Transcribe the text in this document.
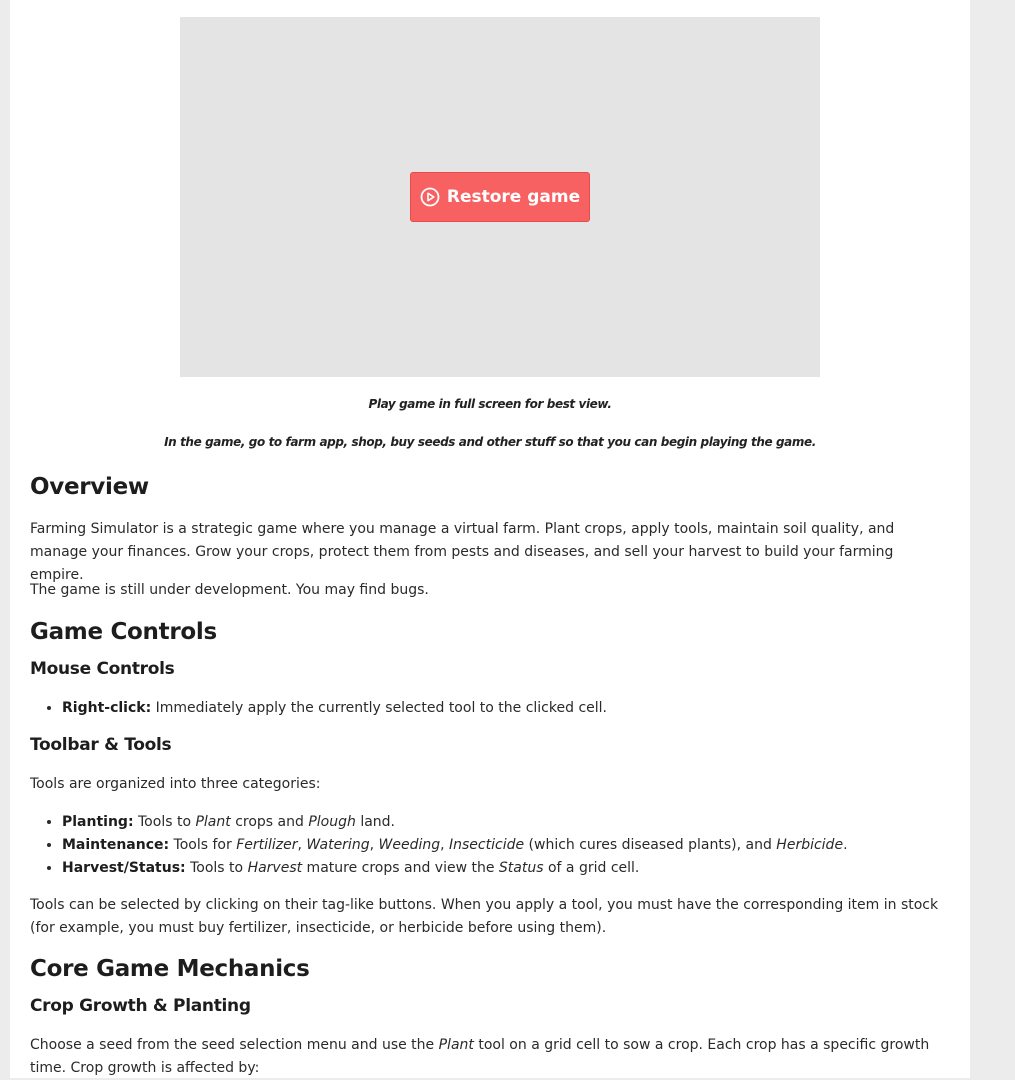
Restore game
Play game in full screen for best view.
In the game, go to farm app, shop, buy seeds and other stuff so that you can begin playing the game.
Overview

Farming Simulator is a strategic game where you manage a virtual farm. Plant crops, apply tools, maintain soil quality, and manage your finances. Grow your crops, protect them from pests and diseases, and sell your harvest to build your farming empire.

The game is still under development. You may find bugs.

Game Controls
Mouse Controls
• Right-click: Immediately apply the currently selected tool to the clicked cell.
Toolbar & Tools

Tools are organized into three categories:

• Planting: Tools to Plant crops and Plough land.
• Maintenance: Tools for Fertilizer, Watering, Weeding, Insecticide (which cures diseased plants), and Herbicide.
• Harvest/Status: Tools to Harvest mature crops and view the Status of a grid cell.

Tools can be selected by clicking on their tag-like buttons. When you apply a tool, you must have the corresponding item in stock (for example, you must buy fertilizer, insecticide, or herbicide before using them).

Core Game Mechanics
Crop Growth & Planting

Choose a seed from the seed selection menu and use the Plant tool on a grid cell to sow a crop. Each crop has a specific growth time. Crop growth is affected by:
